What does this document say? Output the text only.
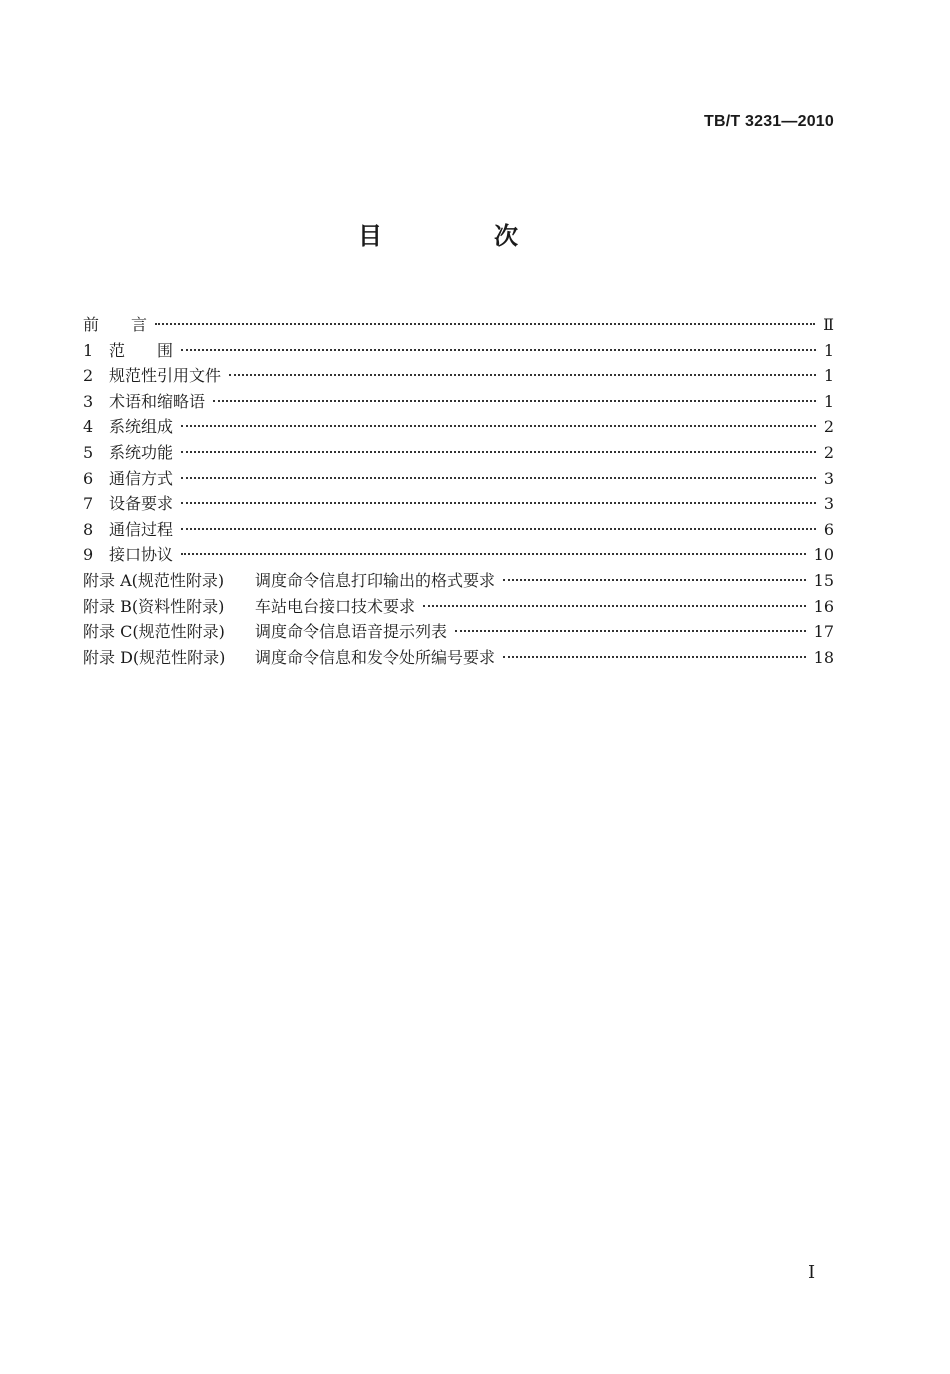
TB/T 3231—2010
目　次
前　　言	Ⅱ
1 范　　围	1
2 规范性引用文件	1
3 术语和缩略语	1
4 系统组成	2
5 系统功能	2
6 通信方式	3
7 设备要求	3
8 通信过程	6
9 接口协议	10
附录 A(规范性附录)	调度命令信息打印输出的格式要求	15
附录 B(资料性附录)	车站电台接口技术要求	16
附录 C(规范性附录)	调度命令信息语音提示列表	17
附录 D(规范性附录)	调度命令信息和发令处所编号要求	18
I
